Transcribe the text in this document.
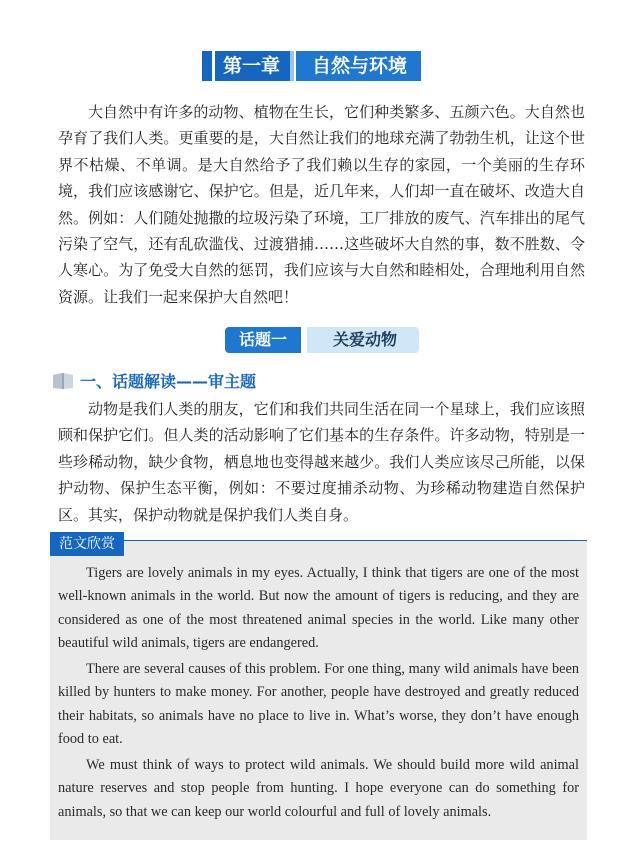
第一章	自然与环境

大自然中有许多的动物、植物在生长，它们种类繁多、五颜六色。大自然也孕育了我们人类。更重要的是，大自然让我们的地球充满了勃勃生机，让这个世界不枯燥、不单调。是大自然给予了我们赖以生存的家园，一个美丽的生存环境，我们应该感谢它、保护它。但是，近几年来，人们却一直在破坏、改造大自然。例如：人们随处抛撒的垃圾污染了环境，工厂排放的废气、汽车排出的尾气污染了空气，还有乱砍滥伐、过渡猎捕……这些破坏大自然的事，数不胜数、令人寒心。为了免受大自然的惩罚，我们应该与大自然和睦相处，合理地利用自然资源。让我们一起来保护大自然吧！

话题一	关爱动物
一、话题解读——审主题

动物是我们人类的朋友，它们和我们共同生活在同一个星球上，我们应该照顾和保护它们。但人类的活动影响了它们基本的生存条件。许多动物，特别是一些珍稀动物，缺少食物，栖息地也变得越来越少。我们人类应该尽己所能，以保护动物、保护生态平衡，例如：不要过度捕杀动物、为珍稀动物建造自然保护区。其实，保护动物就是保护我们人类自身。

范文欣赏

Tigers are lovely animals in my eyes. Actually, I think that tigers are one of the most well-known animals in the world. But now the amount of tigers is reducing, and they are considered as one of the most threatened animal species in the world. Like many other beautiful wild animals, tigers are endangered.

There are several causes of this problem. For one thing, many wild animals have been killed by hunters to make money. For another, people have destroyed and greatly reduced their habitats, so animals have no place to live in. What’s worse, they don’t have enough food to eat.

We must think of ways to protect wild animals. We should build more wild animal nature reserves and stop people from hunting. I hope everyone can do something for animals, so that we can keep our world colourful and full of lovely animals.
